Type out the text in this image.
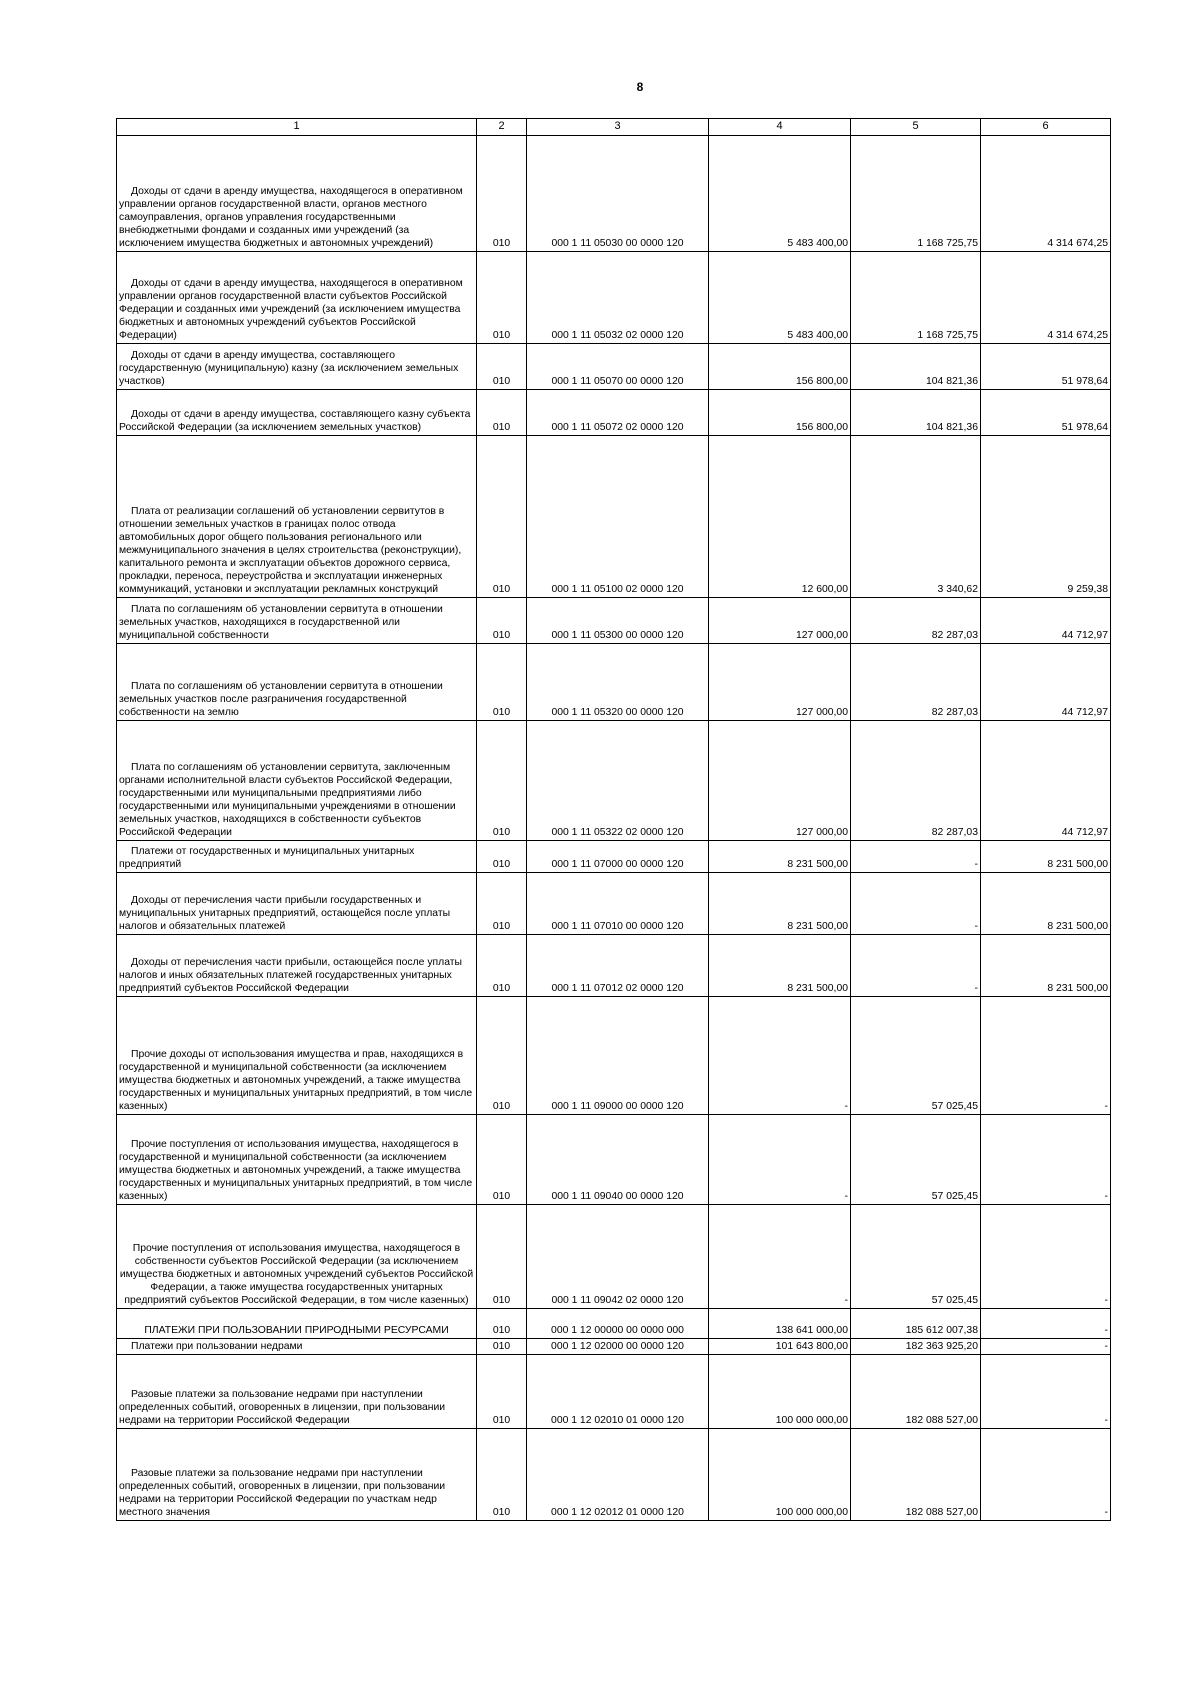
8
1	2	3	4	5	6
Доходы от сдачи в аренду имущества, находящегося в оперативном управлении органов государственной власти, органов местного самоуправления, органов управления государственными внебюджетными фондами и созданных ими учреждений (за исключением имущества бюджетных и автономных учреждений)	010	000 1 11 05030 00 0000 120	5 483 400,00	1 168 725,75	4 314 674,25
Доходы от сдачи в аренду имущества, находящегося в оперативном управлении органов государственной власти субъектов Российской Федерации и созданных ими учреждений (за исключением имущества бюджетных и автономных учреждений субъектов Российской Федерации)	010	000 1 11 05032 02 0000 120	5 483 400,00	1 168 725,75	4 314 674,25
Доходы от сдачи в аренду имущества, составляющего государственную (муниципальную) казну (за исключением земельных участков)	010	000 1 11 05070 00 0000 120	156 800,00	104 821,36	51 978,64
Доходы от сдачи в аренду имущества, составляющего казну субъекта Российской Федерации (за исключением земельных участков)	010	000 1 11 05072 02 0000 120	156 800,00	104 821,36	51 978,64
Плата от реализации соглашений об установлении сервитутов в отношении земельных участков в границах полос отвода автомобильных дорог общего пользования регионального или межмуниципального значения в целях строительства (реконструкции), капитального ремонта и эксплуатации объектов дорожного сервиса, прокладки, переноса, переустройства и эксплуатации инженерных коммуникаций, установки и эксплуатации рекламных конструкций	010	000 1 11 05100 02 0000 120	12 600,00	3 340,62	9 259,38
Плата по соглашениям об установлении сервитута в отношении земельных участков, находящихся в государственной или муниципальной собственности	010	000 1 11 05300 00 0000 120	127 000,00	82 287,03	44 712,97
Плата по соглашениям об установлении сервитута в отношении земельных участков после разграничения государственной собственности на землю	010	000 1 11 05320 00 0000 120	127 000,00	82 287,03	44 712,97
Плата по соглашениям об установлении сервитута, заключенным органами исполнительной власти субъектов Российской Федерации, государственными или муниципальными предприятиями либо государственными или муниципальными учреждениями в отношении земельных участков, находящихся в собственности субъектов Российской Федерации	010	000 1 11 05322 02 0000 120	127 000,00	82 287,03	44 712,97
Платежи от государственных и муниципальных унитарных предприятий	010	000 1 11 07000 00 0000 120	8 231 500,00	-	8 231 500,00
Доходы от перечисления части прибыли государственных и муниципальных унитарных предприятий, остающейся после уплаты налогов и обязательных платежей	010	000 1 11 07010 00 0000 120	8 231 500,00	-	8 231 500,00
Доходы от перечисления части прибыли, остающейся после уплаты налогов и иных обязательных платежей государственных унитарных предприятий субъектов Российской Федерации	010	000 1 11 07012 02 0000 120	8 231 500,00	-	8 231 500,00
Прочие доходы от использования имущества и прав, находящихся в государственной и муниципальной собственности (за исключением имущества бюджетных и автономных учреждений, а также имущества государственных и муниципальных унитарных предприятий, в том числе казенных)	010	000 1 11 09000 00 0000 120	-	57 025,45	-
Прочие поступления от использования имущества, находящегося в государственной и муниципальной собственности (за исключением имущества бюджетных и автономных учреждений, а также имущества государственных и муниципальных унитарных предприятий, в том числе казенных)	010	000 1 11 09040 00 0000 120	-	57 025,45	-
Прочие поступления от использования имущества, находящегося в собственности субъектов Российской Федерации (за исключением имущества бюджетных и автономных учреждений субъектов Российской Федерации, а также имущества государственных унитарных предприятий субъектов Российской Федерации, в том числе казенных)	010	000 1 11 09042 02 0000 120	-	57 025,45	-
ПЛАТЕЖИ ПРИ ПОЛЬЗОВАНИИ ПРИРОДНЫМИ РЕСУРСАМИ	010	000 1 12 00000 00 0000 000	138 641 000,00	185 612 007,38	-
Платежи при пользовании недрами	010	000 1 12 02000 00 0000 120	101 643 800,00	182 363 925,20	-
Разовые платежи за пользование недрами при наступлении определенных событий, оговоренных в лицензии, при пользовании недрами на территории Российской Федерации	010	000 1 12 02010 01 0000 120	100 000 000,00	182 088 527,00	-
Разовые платежи за пользование недрами при наступлении определенных событий, оговоренных в лицензии, при пользовании недрами на территории Российской Федерации по участкам недр местного значения	010	000 1 12 02012 01 0000 120	100 000 000,00	182 088 527,00	-
